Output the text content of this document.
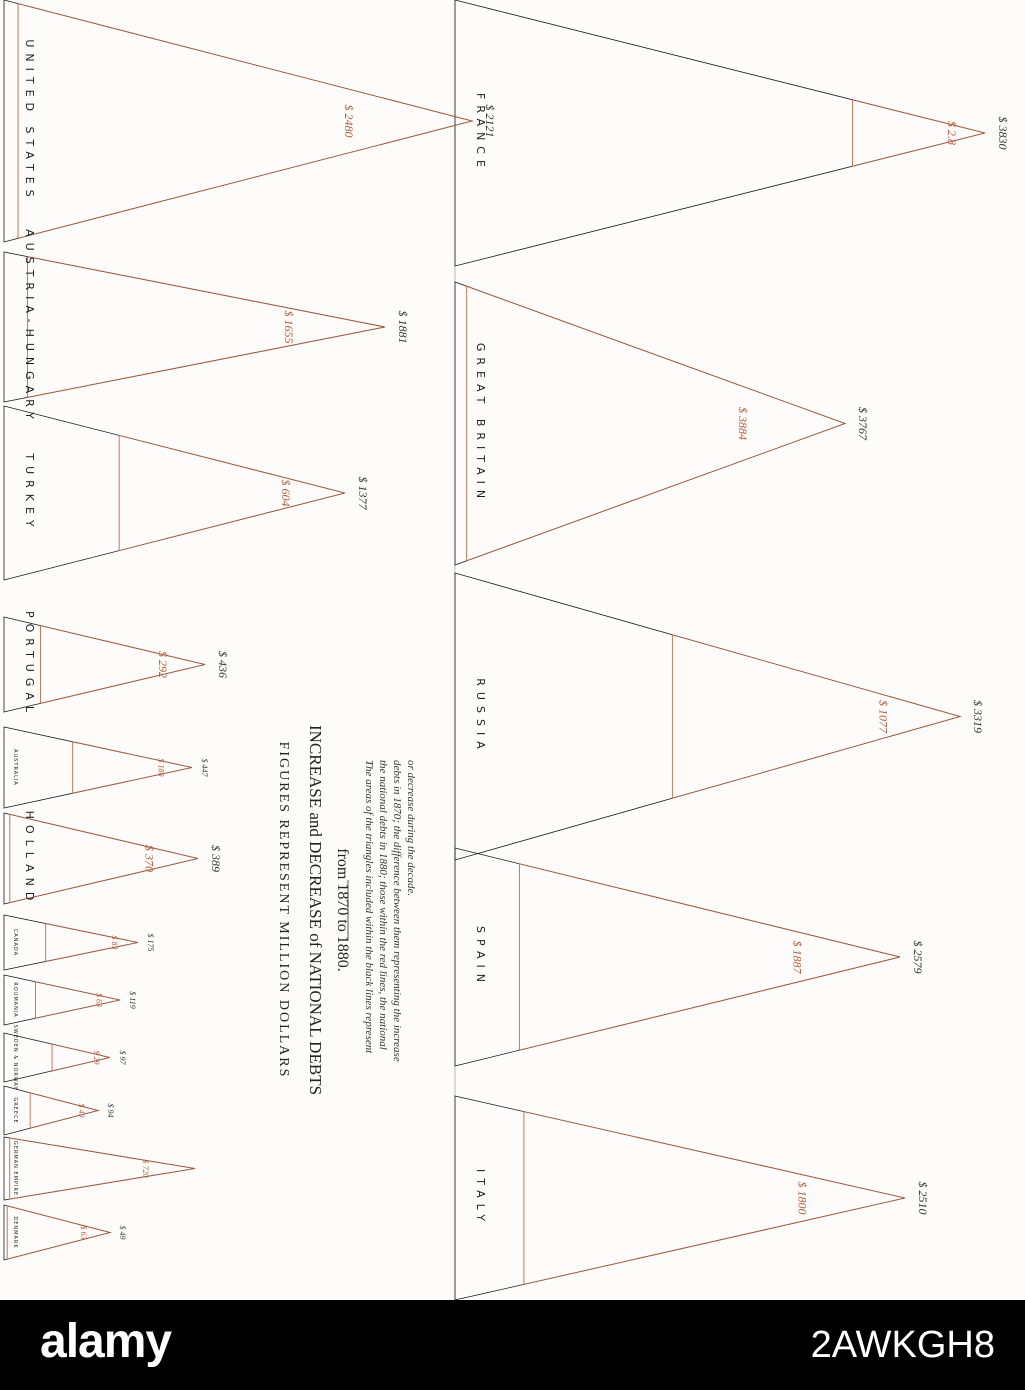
FRANCE	$ 2.8	$ 3830
GREAT BRITAIN	$ 3884	$ 3767
RUSSIA	$ 1077	$ 3319
SPAIN	$ 1887	$ 2579
ITALY	$ 1800	$ 2510
UNITED STATES	$ 2480	$ 2121
AUSTRIA-HUNGARY	$ 1655	$ 1881
TURKEY	$ 604	$ 1377
PORTUGAL	$ 292	$ 436
AUSTRALIA	$ 180	$ 447
HOLLAND	$ 370	$ 389
CANADA	$ 83	$ 175
ROUMANIA	$ 63	$ 119
SWEDEN & NORWAY	$ 29 $ 97
GREECE	$ 49	$ 94
GERMAN EMPIRE	$ 720
DENMARK	$ 63	$ 49
FIGURES REPRESENT MILLION DOLLARS INCREASE and DECREASE of NATIONAL DEBTS from 1870 to 1880. The areas of the triangles included within the black lines represent the national debts in 1880; those within the red lines, the national debts in 1870; the difference between them representing the increase or decrease during the decade.
alamy	2AWKGH8
